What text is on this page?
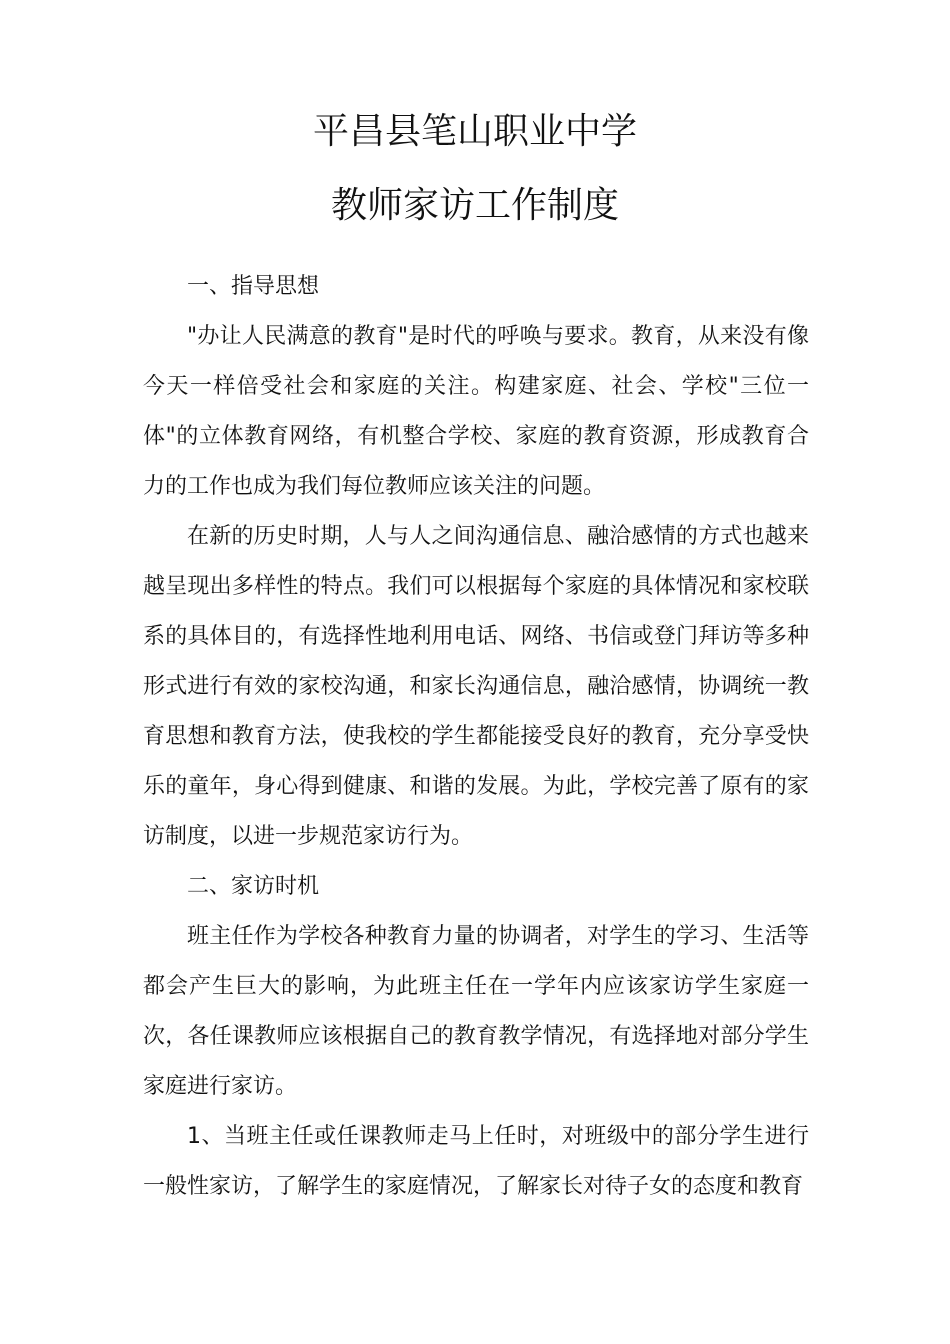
平昌县笔山职业中学
教师家访工作制度

一、指导思想

"办让人民满意的教育"是时代的呼唤与要求。教育，从来没有像今天一样倍受社会和家庭的关注。构建家庭、社会、学校"三位一体"的立体教育网络，有机整合学校、家庭的教育资源，形成教育合力的工作也成为我们每位教师应该关注的问题。

在新的历史时期，人与人之间沟通信息、融洽感情的方式也越来越呈现出多样性的特点。我们可以根据每个家庭的具体情况和家校联系的具体目的，有选择性地利用电话、网络、书信或登门拜访等多种形式进行有效的家校沟通，和家长沟通信息，融洽感情，协调统一教育思想和教育方法，使我校的学生都能接受良好的教育，充分享受快乐的童年，身心得到健康、和谐的发展。为此，学校完善了原有的家访制度，以进一步规范家访行为。

二、家访时机

班主任作为学校各种教育力量的协调者，对学生的学习、生活等都会产生巨大的影响，为此班主任在一学年内应该家访学生家庭一次，各任课教师应该根据自己的教育教学情况，有选择地对部分学生家庭进行家访。

1、当班主任或任课教师走马上任时，对班级中的部分学生进行一般性家访，了解学生的家庭情况，了解家长对待子女的态度和教育
